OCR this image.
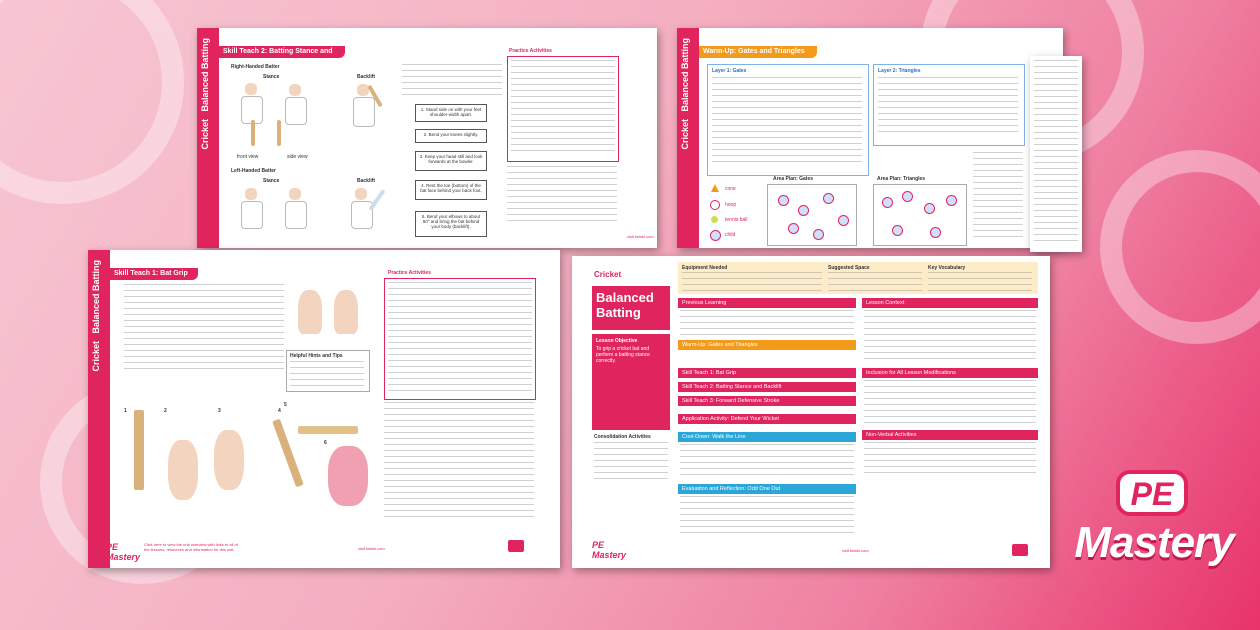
Cricket   Balanced Batting	Skill Teach 2: Batting Stance and Backlift
Right-Handed Batter
Stance	Backlift
front view	side view
Left-Handed Batter
Stance	Backlift
1. Stand side on with your feet shoulder-width apart.
2. Bend your knees slightly.
3. Keep your head still and look forwards at the bowler.
4. Rest the toe (bottom) of the bat face behind your back foot.
5. Bend your elbows to about 90° and bring the bat behind your body (backlift).
Practice Activities
visit twinkl.com
Cricket   Balanced Batting	Warm-Up: Gates and Triangles
Layer 1: Gates	Layer 2: Triangles
Area Plan: Gates	Area Plan: Triangles
cone
hoop
tennis ball
child
Cricket   Balanced Batting	Skill Teach 1: Bat Grip
Helpful Hints and Tips
1	2	3	4
5
6
Practice Activities
PE
Mastery
Click here to view the unit overview with links to all of the lessons, resources and information for this unit.	visit twinkl.com
Cricket
Balanced Batting
2
Lesson Objective
To grip a cricket bat and perform a batting stance correctly.
Consolidation Activities
PE
Mastery
Equipment Needed	Suggested Space	Key Vocabulary
Previous Learning
Warm-Up: Gates and Triangles
Skill Teach 1: Bat Grip
Skill Teach 2: Batting Stance and Backlift
Skill Teach 3: Forward Defensive Stroke
Application Activity: Defend Your Wicket
Cool-Down: Walk the Line
Evaluation and Reflection: Odd One Out
Lesson Context
Inclusion for All Lesson Modifications
Non-Verbal Activities
visit twinkl.com
PE
Mastery
